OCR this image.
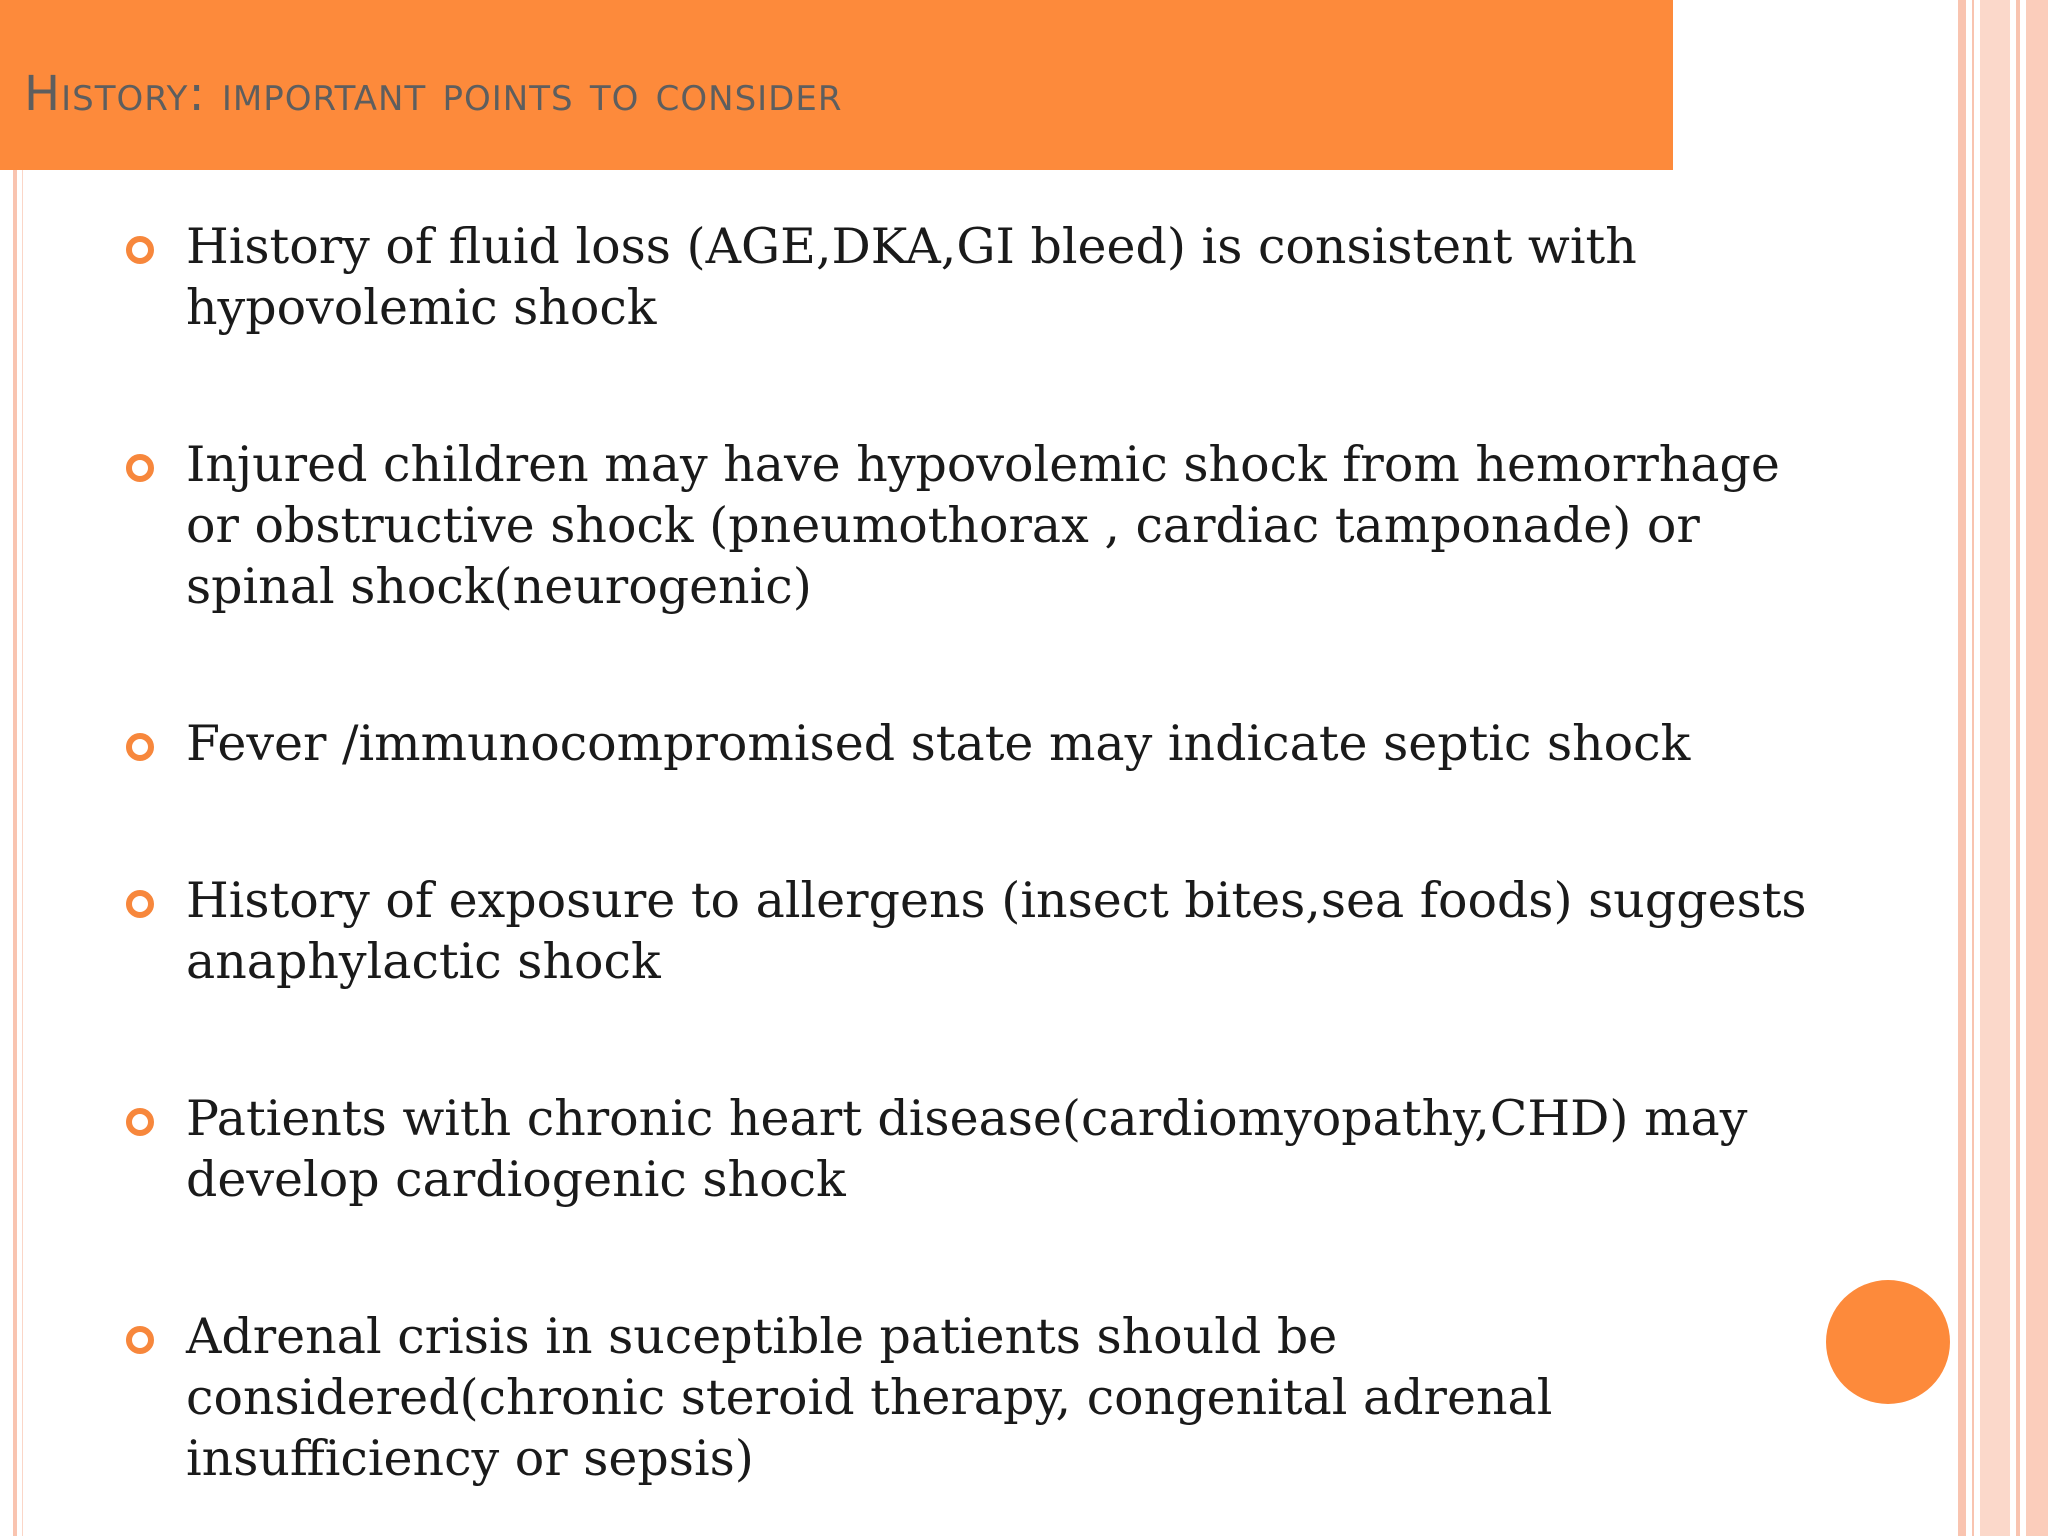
History: important points to consider
History of fluid loss (AGE,DKA,GI bleed) is consistent with hypovolemic shock
Injured children may have hypovolemic shock from hemorrhage or obstructive shock (pneumothorax , cardiac tamponade) or spinal shock(neurogenic)
Fever /immunocompromised state may indicate septic shock
History of exposure to allergens (insect bites,sea foods) suggests anaphylactic shock
Patients with chronic heart disease(cardiomyopathy,CHD) may develop cardiogenic shock
Adrenal crisis in suceptible patients should be considered(chronic steroid therapy, congenital adrenal insufficiency or sepsis)
